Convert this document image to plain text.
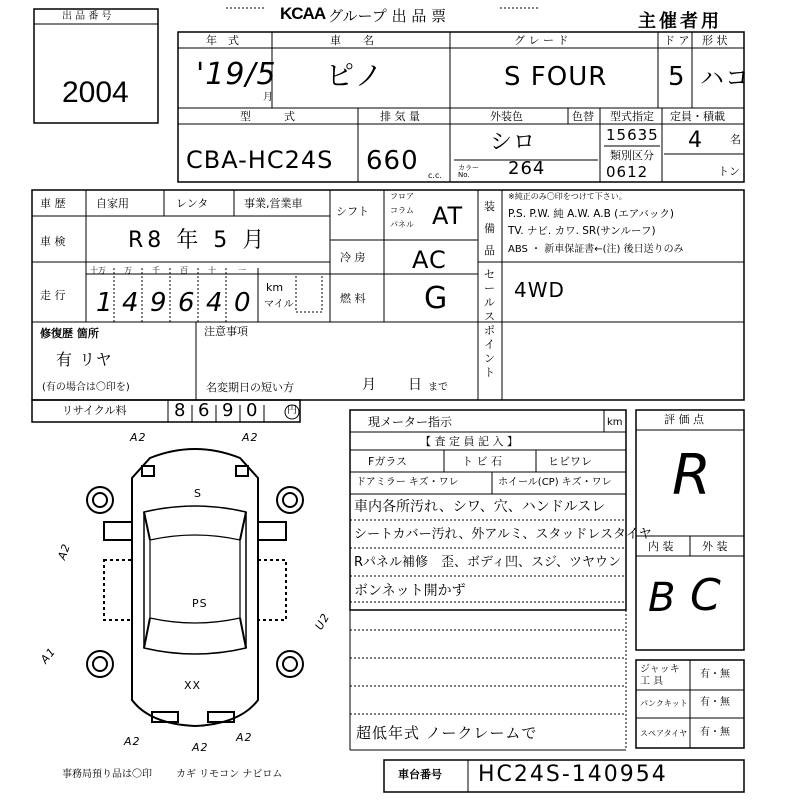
出 品 番 号
2004
KCAA グループ 出 品 票	主催者用
年　式
'19/5
月
車　　名
ピノ
グ レ ー ド
S FOUR
ド ア
5
形 状
ハコ
型　　　式
CBA-HC24S
排 気 量
660 c.c.
外装色	色替
シロ
カラー No.	264
型式指定
15635
類別区分
0612
定員・積載
4 名
トン
車 歴	自家用	レンタ	事業,営業車
車 検	R8 年 5 月
走 行
十万 万	千	百	十	一
1 4 9 6 4 0
km
マイル
シフト
フロア
コラム
パネル AT
冷 房 AC
燃 料 G
装備品
※純正のみ〇印をつけて下さい。
P.S. P.W. 純 A.W. A.B (エアバック)
TV. ナビ. カワ. SR(サンルーフ)
ABS ・ 新車保証書←(注) 後日送りのみ
セールスポイント
4WD
修復歴 箇所
有 リヤ
(有の場合は〇印を)
注意事項
名変期日の短い方	月 日 まで
リサイクル料	8 6 9 0	円
現メーター指示	km
【 査 定 員 記 入 】
Fガラス	ト ビ 石	ヒビワレ
ドアミラー キズ・ワレ	ホイール(CP) キズ・ワレ
車内各所汚れ、シワ、穴、ハンドルスレ
シートカバー汚れ、外アルミ、スタッドレスタイヤ
Rパネル補修　歪、ボディ凹、スジ、ツヤウン
ボンネット開かず
超低年式 ノークレームで
評 価 点
R
内 装	外 装
B C
ジャッキ 工 具
有・無
パンクキット 有・無
スペアタイヤ 有・無
A2	A2
S
PS
XX
A2
U2
A1
A2	A2
A2
事務局預り品は〇印 カギ リモコン ナビロム	車台番号 HC24S-140954
